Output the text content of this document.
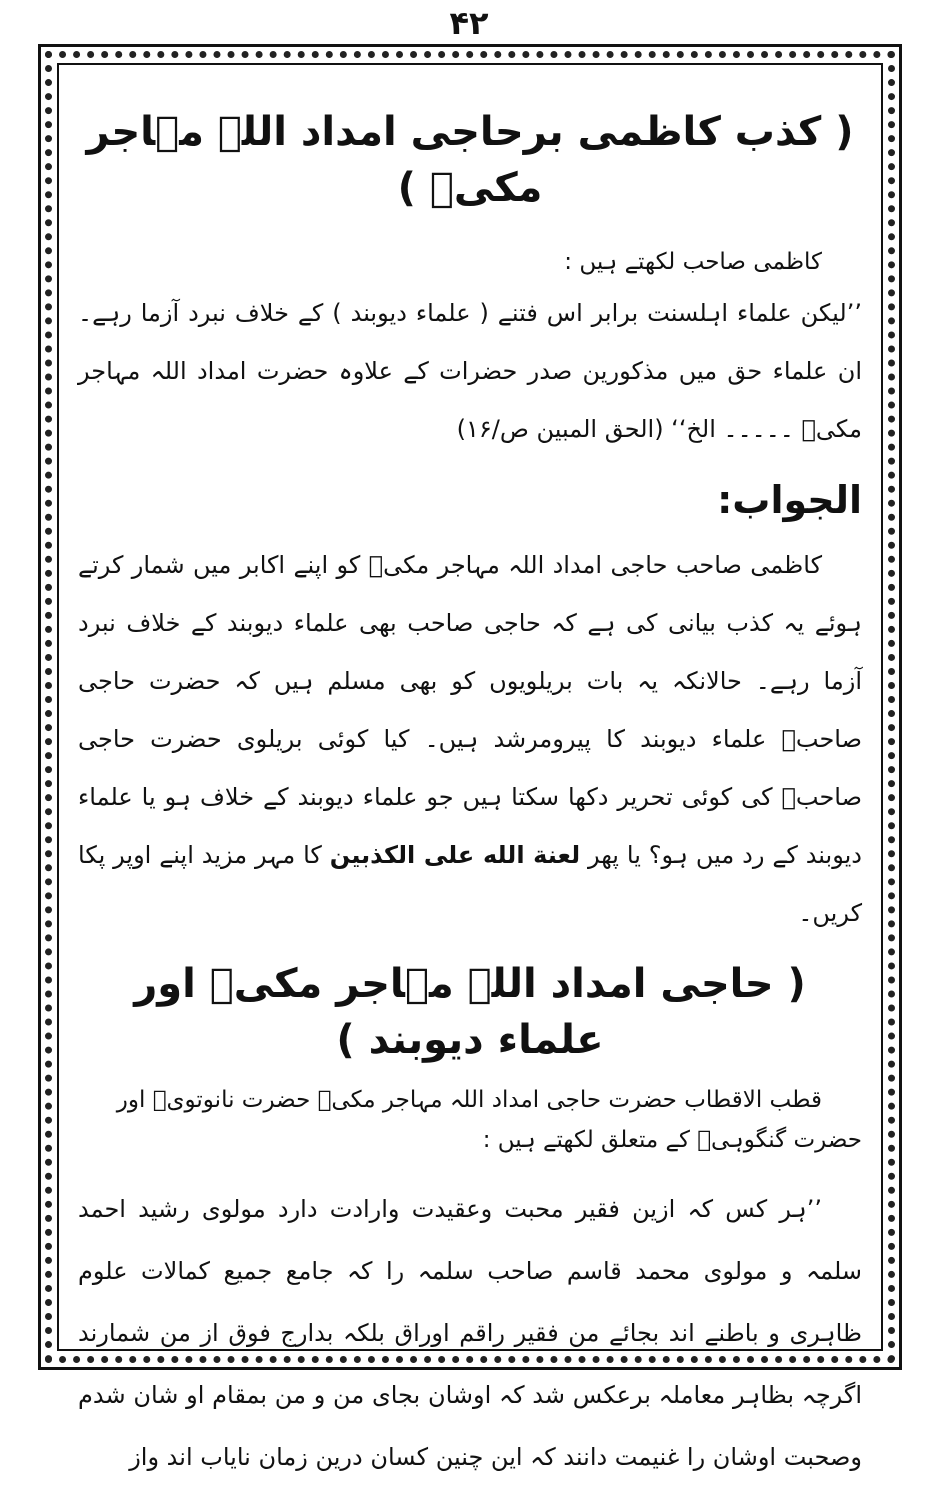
۴۲
( کذب کاظمی برحاجی امداد اللہ مہاجر مکیؒ )

کاظمی صاحب لکھتے ہیں :

’’لیکن علماء اہلسنت برابر اس فتنے ( علماء دیوبند ) کے خلاف نبرد آزما رہے۔ ان علماء حق میں مذکورین صدر حضرات کے علاوہ حضرت امداد اللہ مہاجر مکیؒ ۔۔۔۔۔ الخ‘‘ (الحق المبین ص/۱۶)

الجواب:

کاظمی صاحب حاجی امداد اللہ مہاجر مکیؒ کو اپنے اکابر میں شمار کرتے ہوئے یہ کذب بیانی کی ہے کہ حاجی صاحب بھی علماء دیوبند کے خلاف نبرد آزما رہے۔ حالانکہ یہ بات بریلویوں کو بھی مسلم ہیں کہ حضرت حاجی صاحبؒ علماء دیوبند کا پیرومرشد ہیں۔ کیا کوئی بریلوی حضرت حاجی صاحبؒ کی کوئی تحریر دکھا سکتا ہیں جو علماء دیوبند کے خلاف ہو یا علماء دیوبند کے رد میں ہو؟ یا پھر لعنة الله على الكذبين کا مہر مزید اپنے اوپر پکا کریں۔

( حاجی امداد اللہ مہاجر مکیؒ اور علماء دیوبند )

قطب الاقطاب حضرت حاجی امداد اللہ مہاجر مکیؒ حضرت نانوتویؒ اور حضرت گنگوہیؒ کے متعلق لکھتے ہیں :

’’ہر کس کہ ازین فقیر محبت وعقیدت وارادت دارد مولوی رشید احمد سلمہ و مولوی محمد قاسم صاحب سلمہ را کہ جامع جمیع کمالات علوم ظاہری و باطنے اند بجائے من فقیر راقم اوراق بلکہ بدارج فوق از من شمارند اگرچہ بظاہر معاملہ برعکس شد کہ اوشان بجای من و من بمقام او شان شدم وصحبت اوشان را غنیمت دانند کہ این چنین کسان درین زمان نایاب اند واز
